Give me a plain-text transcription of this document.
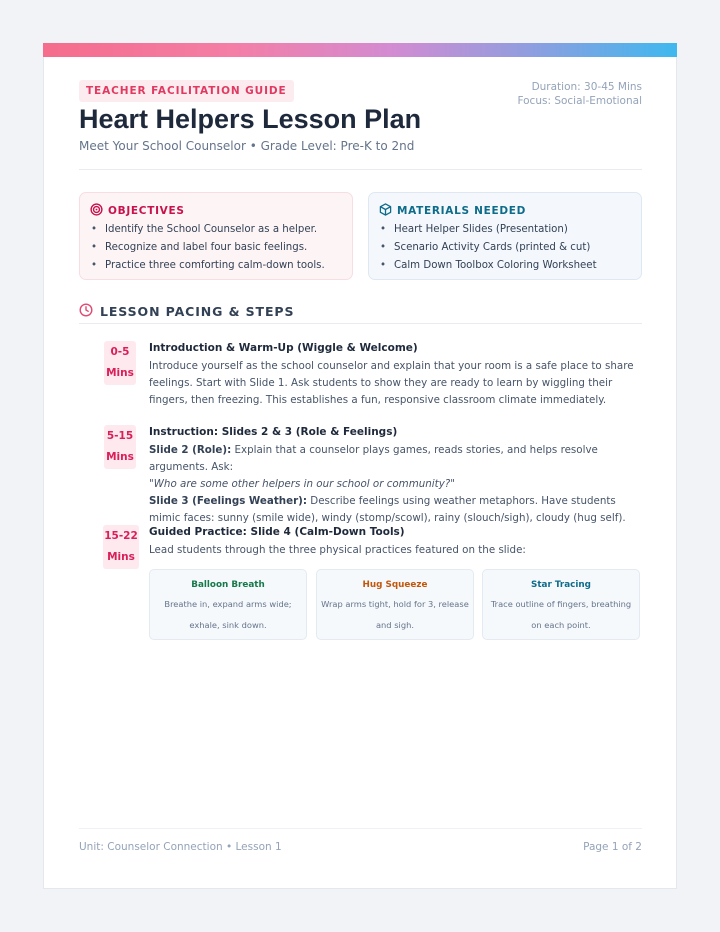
TEACHER FACILITATION GUIDE	Duration: 30-45 Mins
Focus: Social-Emotional
Heart Helpers Lesson Plan
Meet Your School Counselor • Grade Level: Pre-K to 2nd
OBJECTIVES
• Identify the School Counselor as a helper.
• Recognize and label four basic feelings.
• Practice three comforting calm-down tools.
MATERIALS NEEDED
• Heart Helper Slides (Presentation)
• Scenario Activity Cards (printed & cut)
• Calm Down Toolbox Coloring Worksheet
LESSON PACING & STEPS
0-5
Mins
Introduction & Warm-Up (Wiggle & Welcome)
Introduce yourself as the school counselor and explain that your room is a safe place to share feelings. Start with Slide 1. Ask students to show they are ready to learn by wiggling their fingers, then freezing. This establishes a fun, responsive classroom climate immediately.
5-15
Mins
Instruction: Slides 2 & 3 (Role & Feelings)
Slide 2 (Role): Explain that a counselor plays games, reads stories, and helps resolve arguments. Ask:
"Who are some other helpers in our school or community?"
Slide 3 (Feelings Weather): Describe feelings using weather metaphors. Have students mimic faces: sunny (smile wide), windy (stomp/scowl), rainy (slouch/sigh), cloudy (hug self).
15-22
Mins
Guided Practice: Slide 4 (Calm-Down Tools)
Lead students through the three physical practices featured on the slide:
Balloon Breath
Breathe in, expand arms wide;
exhale, sink down.
Hug Squeeze
Wrap arms tight, hold for 3, release
and sigh.
Star Tracing
Trace outline of fingers, breathing
on each point.
Unit: Counselor Connection • Lesson 1	Page 1 of 2
